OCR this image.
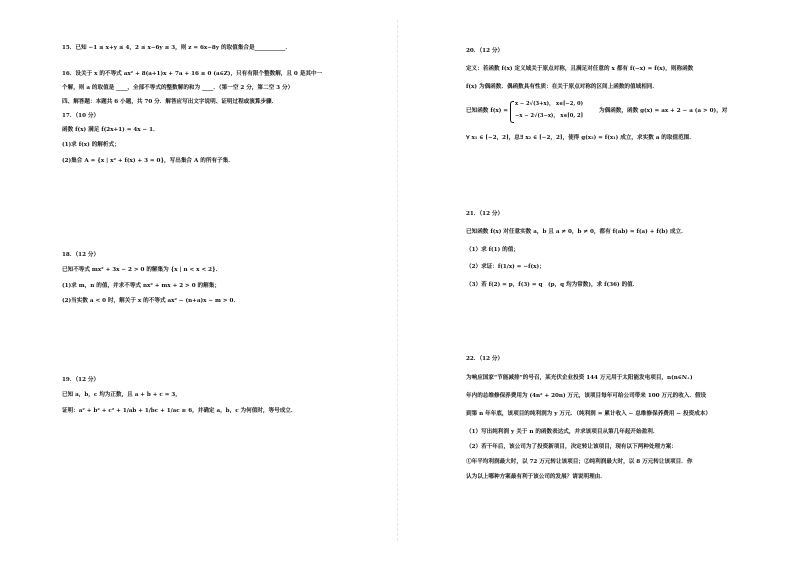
15．已知 −1 ≤ x+y ≤ 4，2 ≤ x−6y ≤ 3，则 z = 6x−8y 的取值集合是___________．
16．设关于 x 的不等式 ax² + 8(a+1)x + 7a + 16 ≥ 0 (a∈Z)，只有有限个整数解，且 0 是其中一
个解，则 a 的取值是 ____，全部不等式的整数解的和为 ____．（第一空 2 分，第二空 3 分）
四、解答题：本题共 6 小题，共 70 分．解答应写出文字说明、证明过程或演算步骤．
17．（10 分）
函数 f(x) 满足 f(2x+1) = 4x − 1．
(1)求 f(x) 的解析式；
(2)集合 A = {x | x² + f(x) + 3 = 0}，写出集合 A 的所有子集．
18．（12 分）
已知不等式 mx² + 3x − 2 > 0 的解集为 {x | n < x < 2}．
(1)求 m，n 的值，并求不等式 nx² + mx + 2 > 0 的解集；
(2)当实数 a < 0 时，解关于 x 的不等式 ax² − (n+a)x − m > 0．
19．（12 分）
已知 a，b，c 均为正数，且 a + b + c = 3，
证明：a² + b² + c² + 1/ab + 1/bc + 1/ac ≥ 6，并确定 a，b，c 为何值时，等号成立．
20．（12 分）
定义：若函数 f(x) 定义域关于原点对称，且满足对任意的 x 都有 f(−x) = f(x)，则称函数
f(x) 为偶函数．偶函数具有性质：在关于原点对称的区间上函数的值域相同．
已知函数 f(x) =
x − 2√(3+x)， x∈[−2, 0)
−x − 2√(3−x)， x∈[0, 2]
为偶函数，函数 g(x) = ax + 2 − a (a > 0)，对
∀ x₁ ∈ [−2，2]，总∃ x₂ ∈ [−2，2]，使得 g(x₂) = f(x₁) 成立，求实数 a 的取值范围．
21．（12 分）
已知函数 f(x) 对任意实数 a，b 且 a ≠ 0，b ≠ 0，都有 f(ab) = f(a) + f(b) 成立．
（1）求 f(1) 的值；
（2）求证：f(1/x) = −f(x)；
（3）若 f(2) = p，f(3) = q　(p，q 均为常数)，求 f(36) 的值．
22．（12 分）
为响应国家“节能减排”的号召，某光伏企业投资 144 万元用于太阳能发电项目，n(n∈N₊)
年内的总维修保养费用为 (4n² + 20n) 万元，该项目每年可给公司带来 100 万元的收入．假设
到第 n 年年底，该项目的纯利润为 y 万元．（纯利润 = 累计收入 − 总维修保养费用 − 投资成本）
（1）写出纯利润 y 关于 n 的函数表达式，并求该项目从第几年起开始盈利．
（2）若干年后，该公司为了投资新项目，决定转让该项目，现有以下两种处理方案：
①年平均利润最大时，以 72 万元转让该项目；②纯利润最大时，以 8 万元转让该项目．你
认为以上哪种方案最有利于该公司的发展？请说明理由．
